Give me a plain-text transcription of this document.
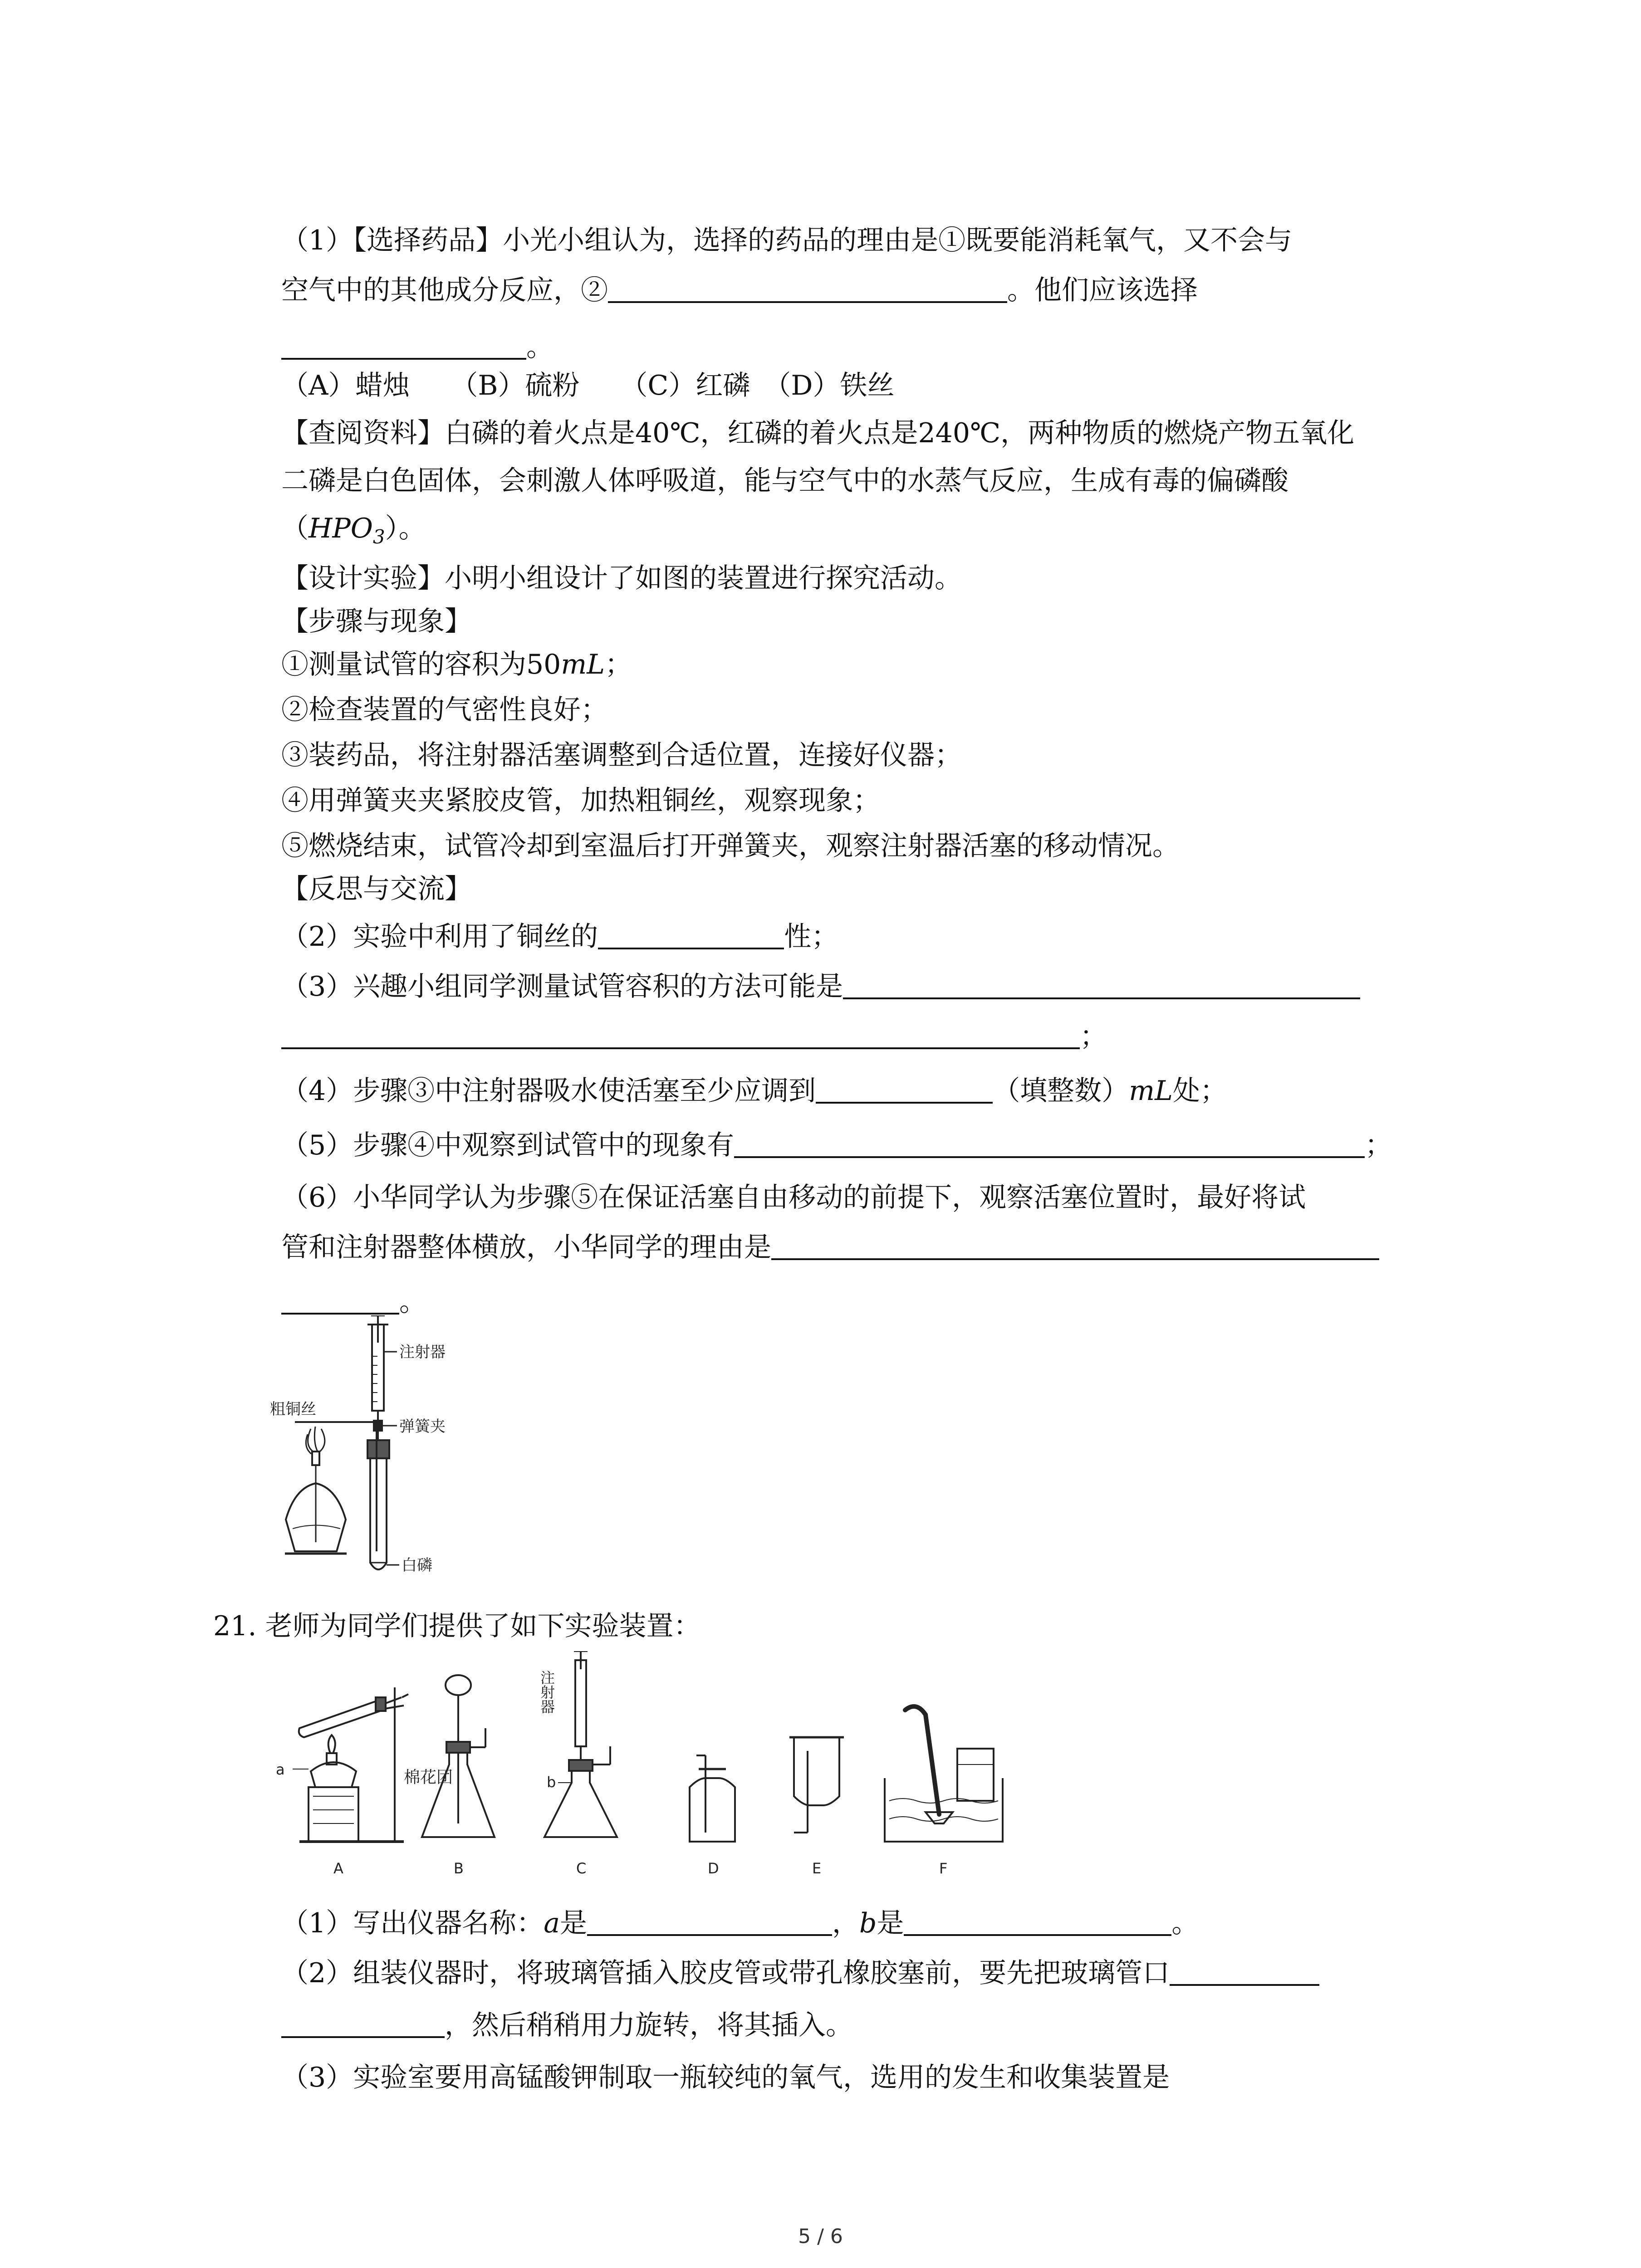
（1）【选择药品】小光小组认为，选择的药品的理由是①既要能消耗氧气，又不会与

空气中的其他成分反应，②	。他们应该选择

。

（A）蜡烛　　（B）硫粉　　（C）红磷　（D）铁丝

【查阅资料】白磷的着火点是40℃，红磷的着火点是240℃，两种物质的燃烧产物五氧化

二磷是白色固体，会刺激人体呼吸道，能与空气中的水蒸气反应，生成有毒的偏磷酸

$(HPO_3)$。

【设计实验】小明小组设计了如图的装置进行探究活动。

【步骤与现象】

①测量试管的容积为50mL；

②检查装置的气密性良好；

③装药品，将注射器活塞调整到合适位置，连接好仪器；

④用弹簧夹夹紧胶皮管，加热粗铜丝，观察现象；

⑤燃烧结束，试管冷却到室温后打开弹簧夹，观察注射器活塞的移动情况。

【反思与交流】

（2）实验中利用了铜丝的	性；

（3）兴趣小组同学测量试管容积的方法可能是

；

（4）步骤③中注射器吸水使活塞至少应调到	（填整数）mL处；

（5）步骤④中观察到试管中的现象有	；

（6）小华同学认为步骤⑤在保证活塞自由移动的前提下，观察活塞位置时，最好将试

管和注射器整体横放，小华同学的理由是

。

注射器
粗铜丝
弹簧夹
白磷

21. 老师为同学们提供了如下实验装置：

a	棉花团
注射器
b
A	B	C	D	E	F

（1）写出仪器名称：a是	，b是	。

（2）组装仪器时，将玻璃管插入胶皮管或带孔橡胶塞前，要先把玻璃管口

，然后稍稍用力旋转，将其插入。

（3）实验室要用高锰酸钾制取一瓶较纯的氧气，选用的发生和收集装置是

5 / 6
